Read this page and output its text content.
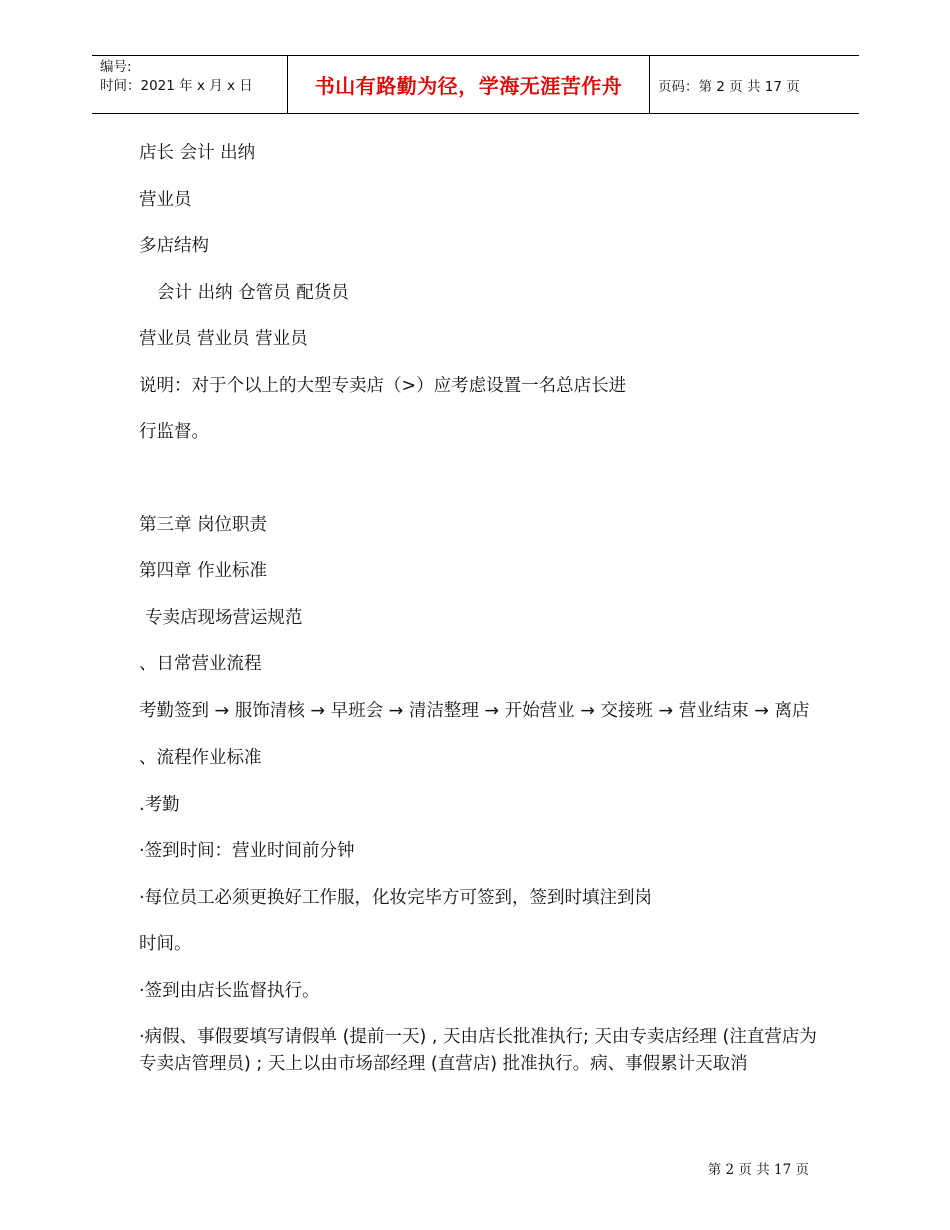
编号:
时间：2021 年 x 月 x 日	书山有路勤为径，学海无涯苦作舟	页码：第 2 页 共 17 页
店长 会计 出纳
营业员
多店结构
会计 出纳 仓管员 配货员
营业员 营业员 营业员
说明：对于个以上的大型专卖店（>）应考虑设置一名总店长进
行监督。
第三章 岗位职责
第四章 作业标准
专卖店现场营运规范
、日常营业流程
考勤签到 → 服饰清核 → 早班会 → 清洁整理 → 开始营业 → 交接班 → 营业结束 → 离店
、流程作业标准
.考勤
·签到时间：营业时间前分钟
·每位员工必须更换好工作服，化妆完毕方可签到，签到时填注到岗
时间。
·签到由店长监督执行。
·病假、事假要填写请假单 (提前一天) , 天由店长批准执行; 天由专卖店经理 (注直营店为专卖店管理员) ; 天上以由市场部经理 (直营店) 批准执行。病、事假累计天取消
第 2 页 共 17 页
